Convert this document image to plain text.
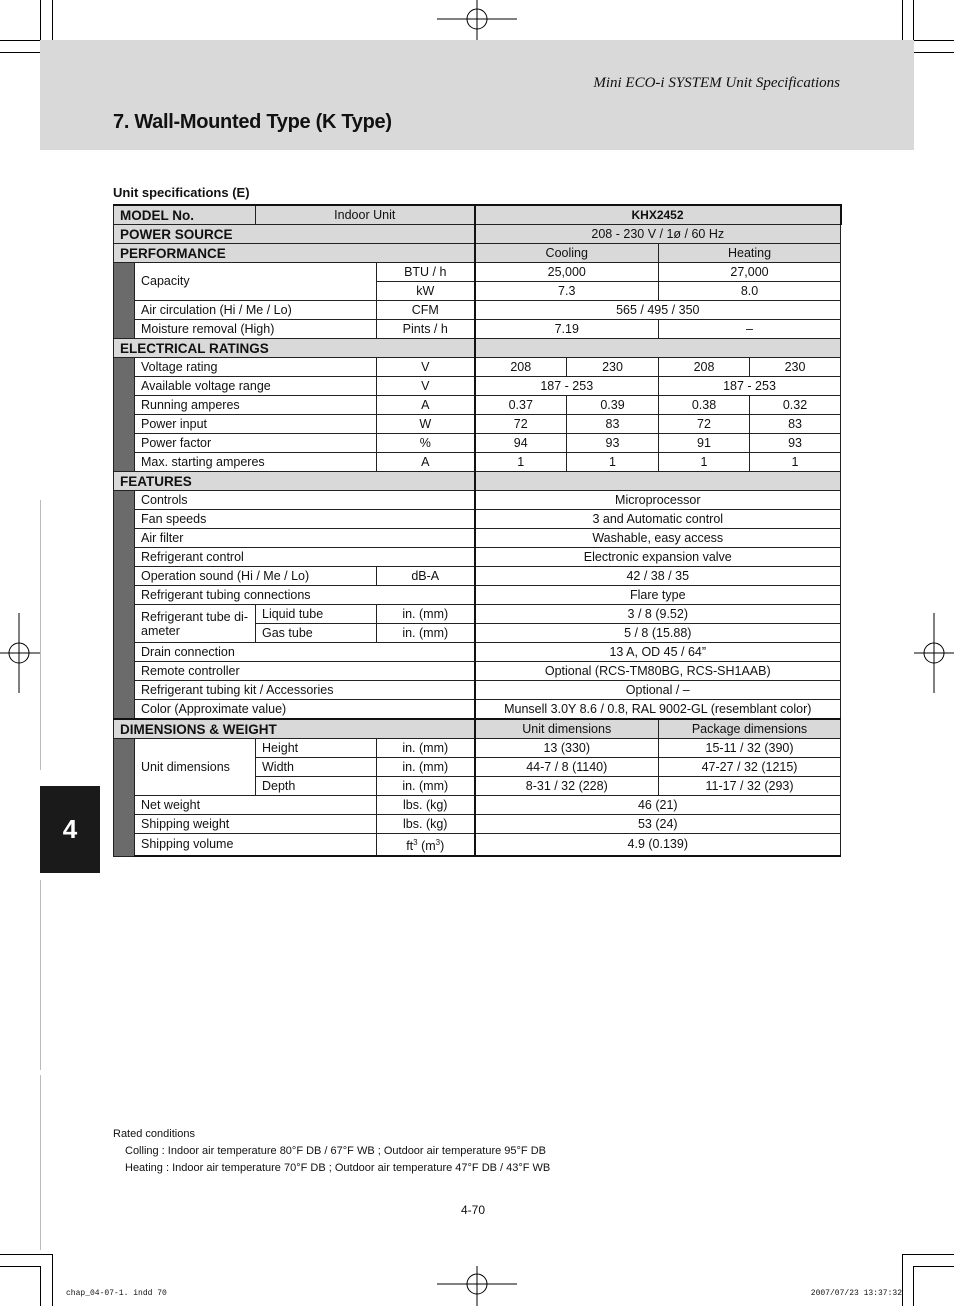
Mini ECO-i SYSTEM Unit Specifications
7. Wall-Mounted Type (K Type)
Unit specifications (E)
4
MODEL No.		Indoor Unit		KHX2452			
POWER SOURCE				208 - 230 V / 1ø / 60 Hz			
PERFORMANCE				Cooling		Heating	
	Capacity		BTU / h	25,000		27,000	
			kW	7.3		8.0	
	Air circulation (Hi / Me / Lo)		CFM	565 / 495 / 350			
	Moisture removal (High)		Pints / h	7.19		–	
ELECTRICAL RATINGS							
	Voltage rating		V	208	230	208	230
	Available voltage range		V	187 - 253		187 - 253	
	Running amperes		A	0.37	0.39	0.38	0.32
	Power input		W	72	83	72	83
	Power factor		%	94	93	91	93
	Max. starting amperes		A	1	1	1	1
FEATURES							
	Controls			Microprocessor			
	Fan speeds			3 and Automatic control			
	Air filter			Washable, easy access			
	Refrigerant control			Electronic expansion valve			
	Operation sound (Hi / Me / Lo)		dB-A	42 / 38 / 35			
	Refrigerant tubing connections			Flare type			
	Refrigerant tube di-ameter	Liquid tube	in. (mm)	3 / 8 (9.52)			
		Gas tube	in. (mm)	5 / 8 (15.88)			
	Drain connection			13 A, OD 45 / 64”			
	Remote controller			Optional (RCS-TM80BG, RCS-SH1AAB)			
	Refrigerant tubing kit / Accessories			Optional / –			
	Color (Approximate value)			Munsell 3.0Y 8.6 / 0.8, RAL 9002-GL (resemblant color)			
DIMENSIONS & WEIGHT				Unit dimensions		Package dimensions	
	Unit dimensions	Height	in. (mm)	13 (330)		15-11 / 32 (390)	
		Width	in. (mm)	44-7 / 8 (1140)		47-27 / 32 (1215)	
		Depth	in. (mm)	8-31 / 32 (228)		11-17 / 32 (293)	
	Net weight		lbs. (kg)	46 (21)			
	Shipping weight		lbs. (kg)	53 (24)			
	Shipping volume		$ft^3$ $(m^3)$	4.9 (0.139)			
Rated conditions
Colling : Indoor air temperature 80°F DB / 67°F WB ; Outdoor air temperature 95°F DB
Heating : Indoor air temperature 70°F DB ; Outdoor air temperature 47°F DB / 43°F WB
4-70
chap_04-07-1. indd 70	2007/07/23 13:37:32
